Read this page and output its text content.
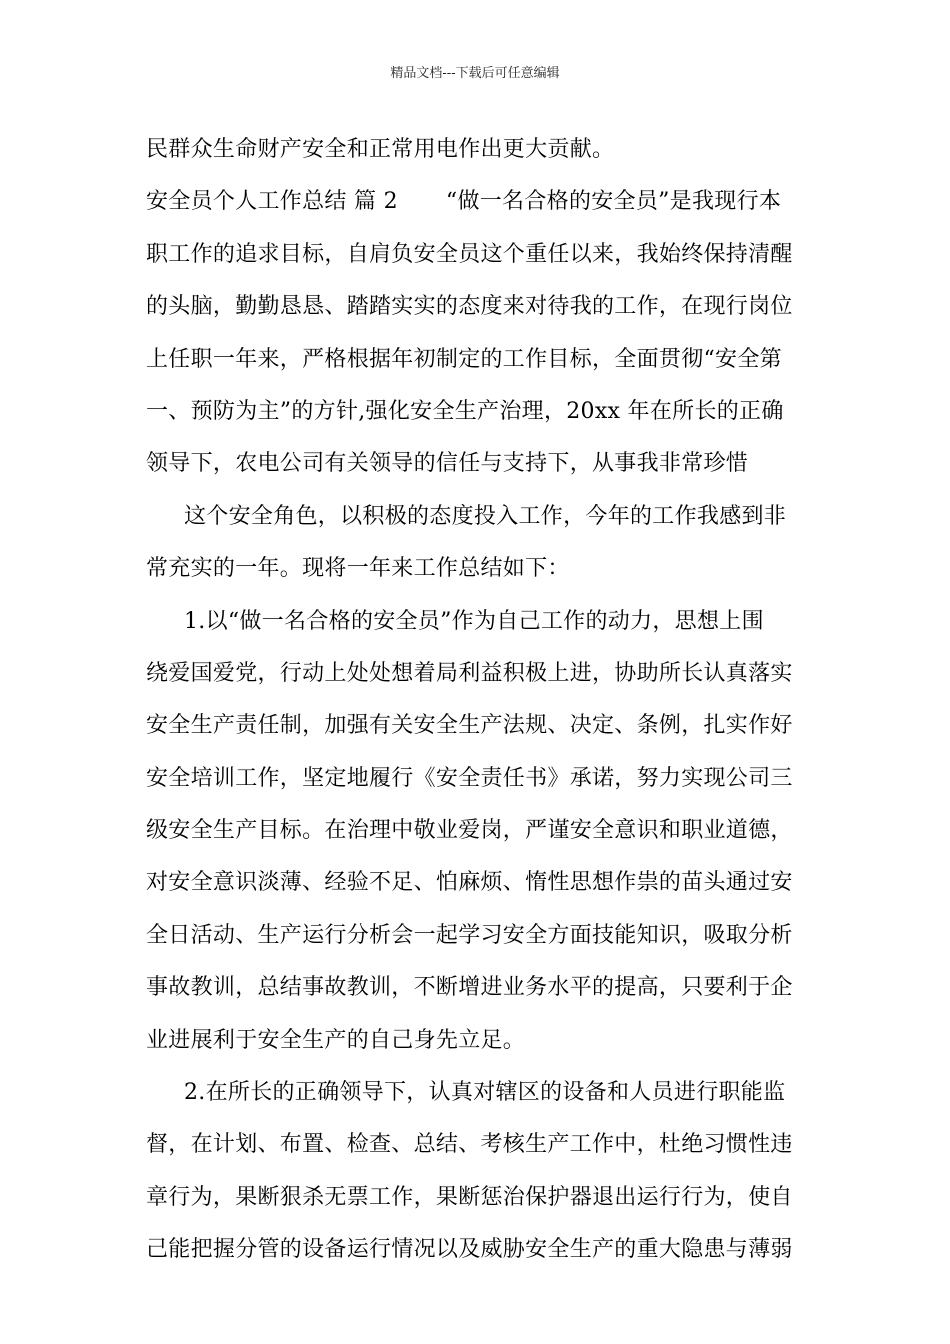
精品文档---下载后可任意编辑
民群众生命财产安全和正常用电作出更大贡献。
安全员个人工作总结 篇 2 “做一名合格的安全员”是我现行本
职工作的追求目标，自肩负安全员这个重任以来，我始终保持清醒
的头脑，勤勤恳恳、踏踏实实的态度来对待我的工作，在现行岗位
上任职一年来，严格根据年初制定的工作目标，全面贯彻“安全第
一、预防为主”的方针,强化安全生产治理，20xx 年在所长的正确
领导下，农电公司有关领导的信任与支持下，从事我非常珍惜
这个安全角色，以积极的态度投入工作，今年的工作我感到非
常充实的一年。现将一年来工作总结如下：
1.以“做一名合格的安全员”作为自己工作的动力，思想上围
绕爱国爱党，行动上处处想着局利益积极上进，协助所长认真落实
安全生产责任制，加强有关安全生产法规、决定、条例，扎实作好
安全培训工作，坚定地履行《安全责任书》承诺，努力实现公司三
级安全生产目标。在治理中敬业爱岗，严谨安全意识和职业道德，
对安全意识淡薄、经验不足、怕麻烦、惰性思想作祟的苗头通过安
全日活动、生产运行分析会一起学习安全方面技能知识，吸取分析
事故教训，总结事故教训，不断增进业务水平的提高，只要利于企
业进展利于安全生产的自己身先立足。
2.在所长的正确领导下，认真对辖区的设备和人员进行职能监
督，在计划、布置、检查、总结、考核生产工作中，杜绝习惯性违
章行为，果断狠杀无票工作，果断惩治保护器退出运行行为，使自
己能把握分管的设备运行情况以及威胁安全生产的重大隐患与薄弱
